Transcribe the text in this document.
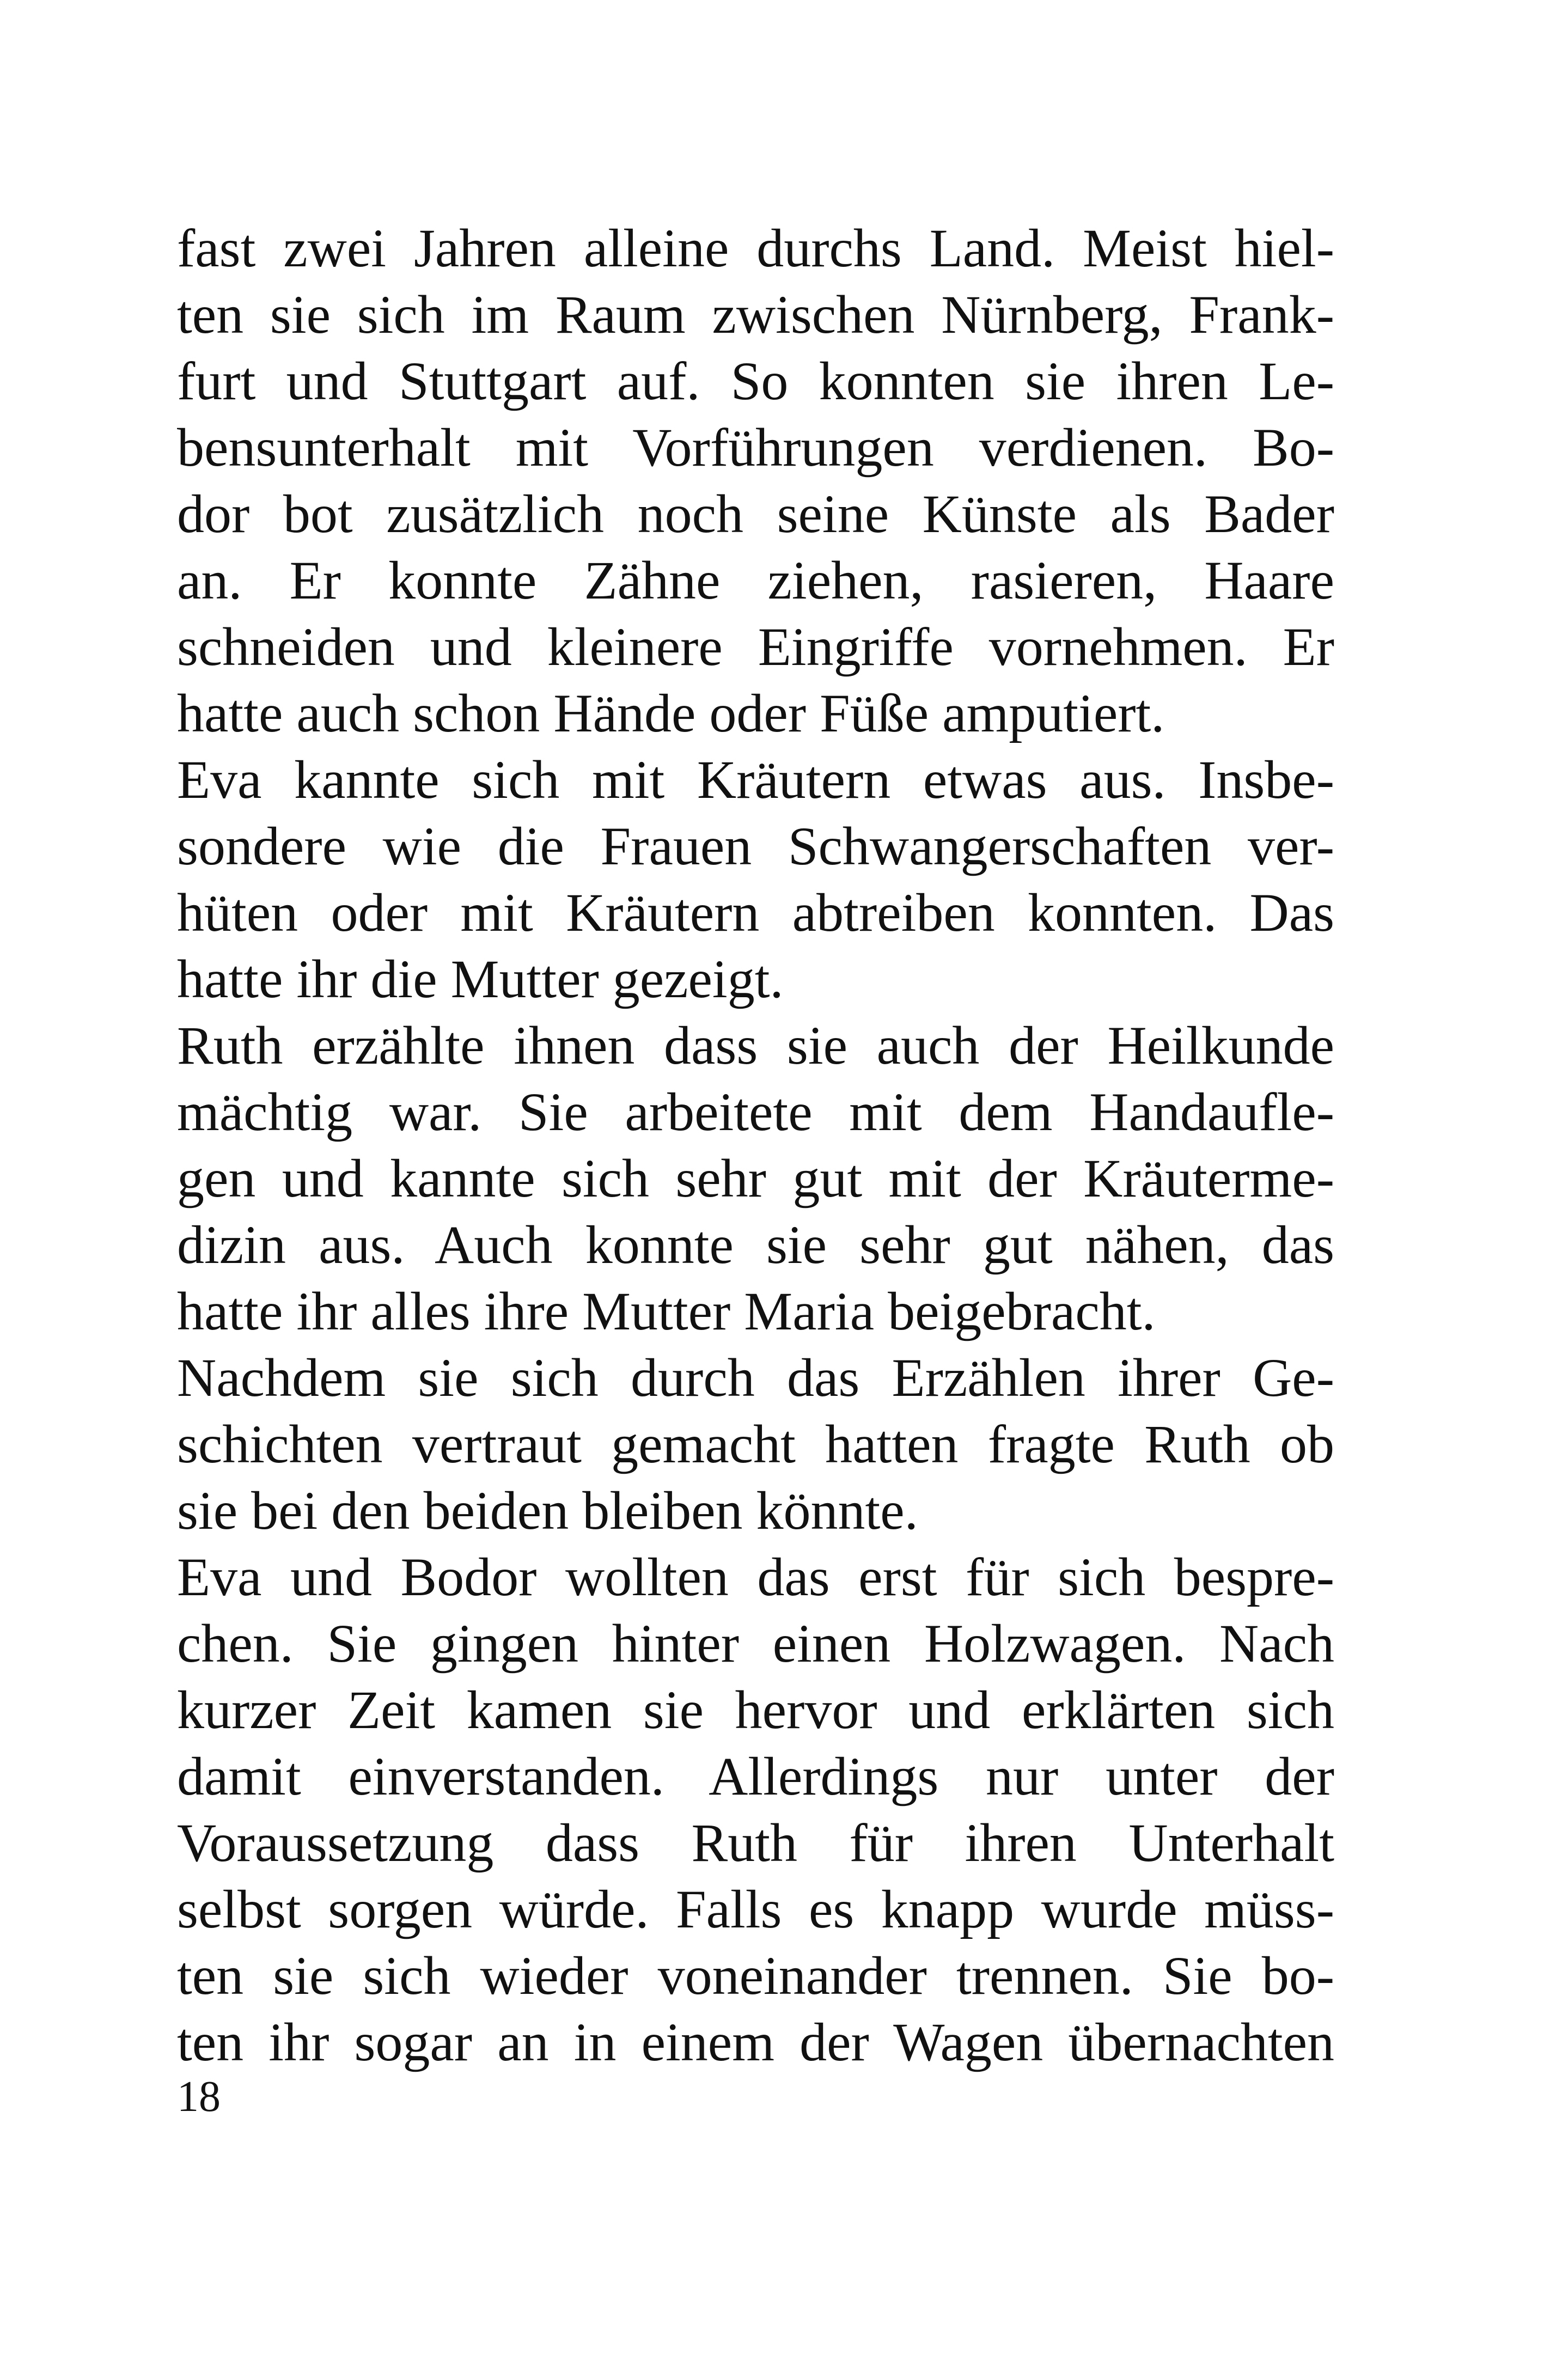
fast zwei Jahren alleine durchs Land. Meist hiel-
ten sie sich im Raum zwischen Nürnberg, Frank-
furt und Stuttgart auf. So konnten sie ihren Le-
bensunterhalt mit Vorführungen verdienen. Bo-
dor bot zusätzlich noch seine Künste als Bader
an. Er konnte Zähne ziehen, rasieren, Haare
schneiden und kleinere Eingriffe vornehmen. Er
hatte auch schon Hände oder Füße amputiert.
Eva kannte sich mit Kräutern etwas aus. Insbe-
sondere wie die Frauen Schwangerschaften ver-
hüten oder mit Kräutern abtreiben konnten. Das
hatte ihr die Mutter gezeigt.
Ruth erzählte ihnen dass sie auch der Heilkunde
mächtig war. Sie arbeitete mit dem Handaufle-
gen und kannte sich sehr gut mit der Kräuterme-
dizin aus. Auch konnte sie sehr gut nähen, das
hatte ihr alles ihre Mutter Maria beigebracht.
Nachdem sie sich durch das Erzählen ihrer Ge-
schichten vertraut gemacht hatten fragte Ruth ob
sie bei den beiden bleiben könnte.
Eva und Bodor wollten das erst für sich bespre-
chen. Sie gingen hinter einen Holzwagen. Nach
kurzer Zeit kamen sie hervor und erklärten sich
damit einverstanden. Allerdings nur unter der
Voraussetzung dass Ruth für ihren Unterhalt
selbst sorgen würde. Falls es knapp wurde müss-
ten sie sich wieder voneinander trennen. Sie bo-
ten ihr sogar an in einem der Wagen übernachten
18
